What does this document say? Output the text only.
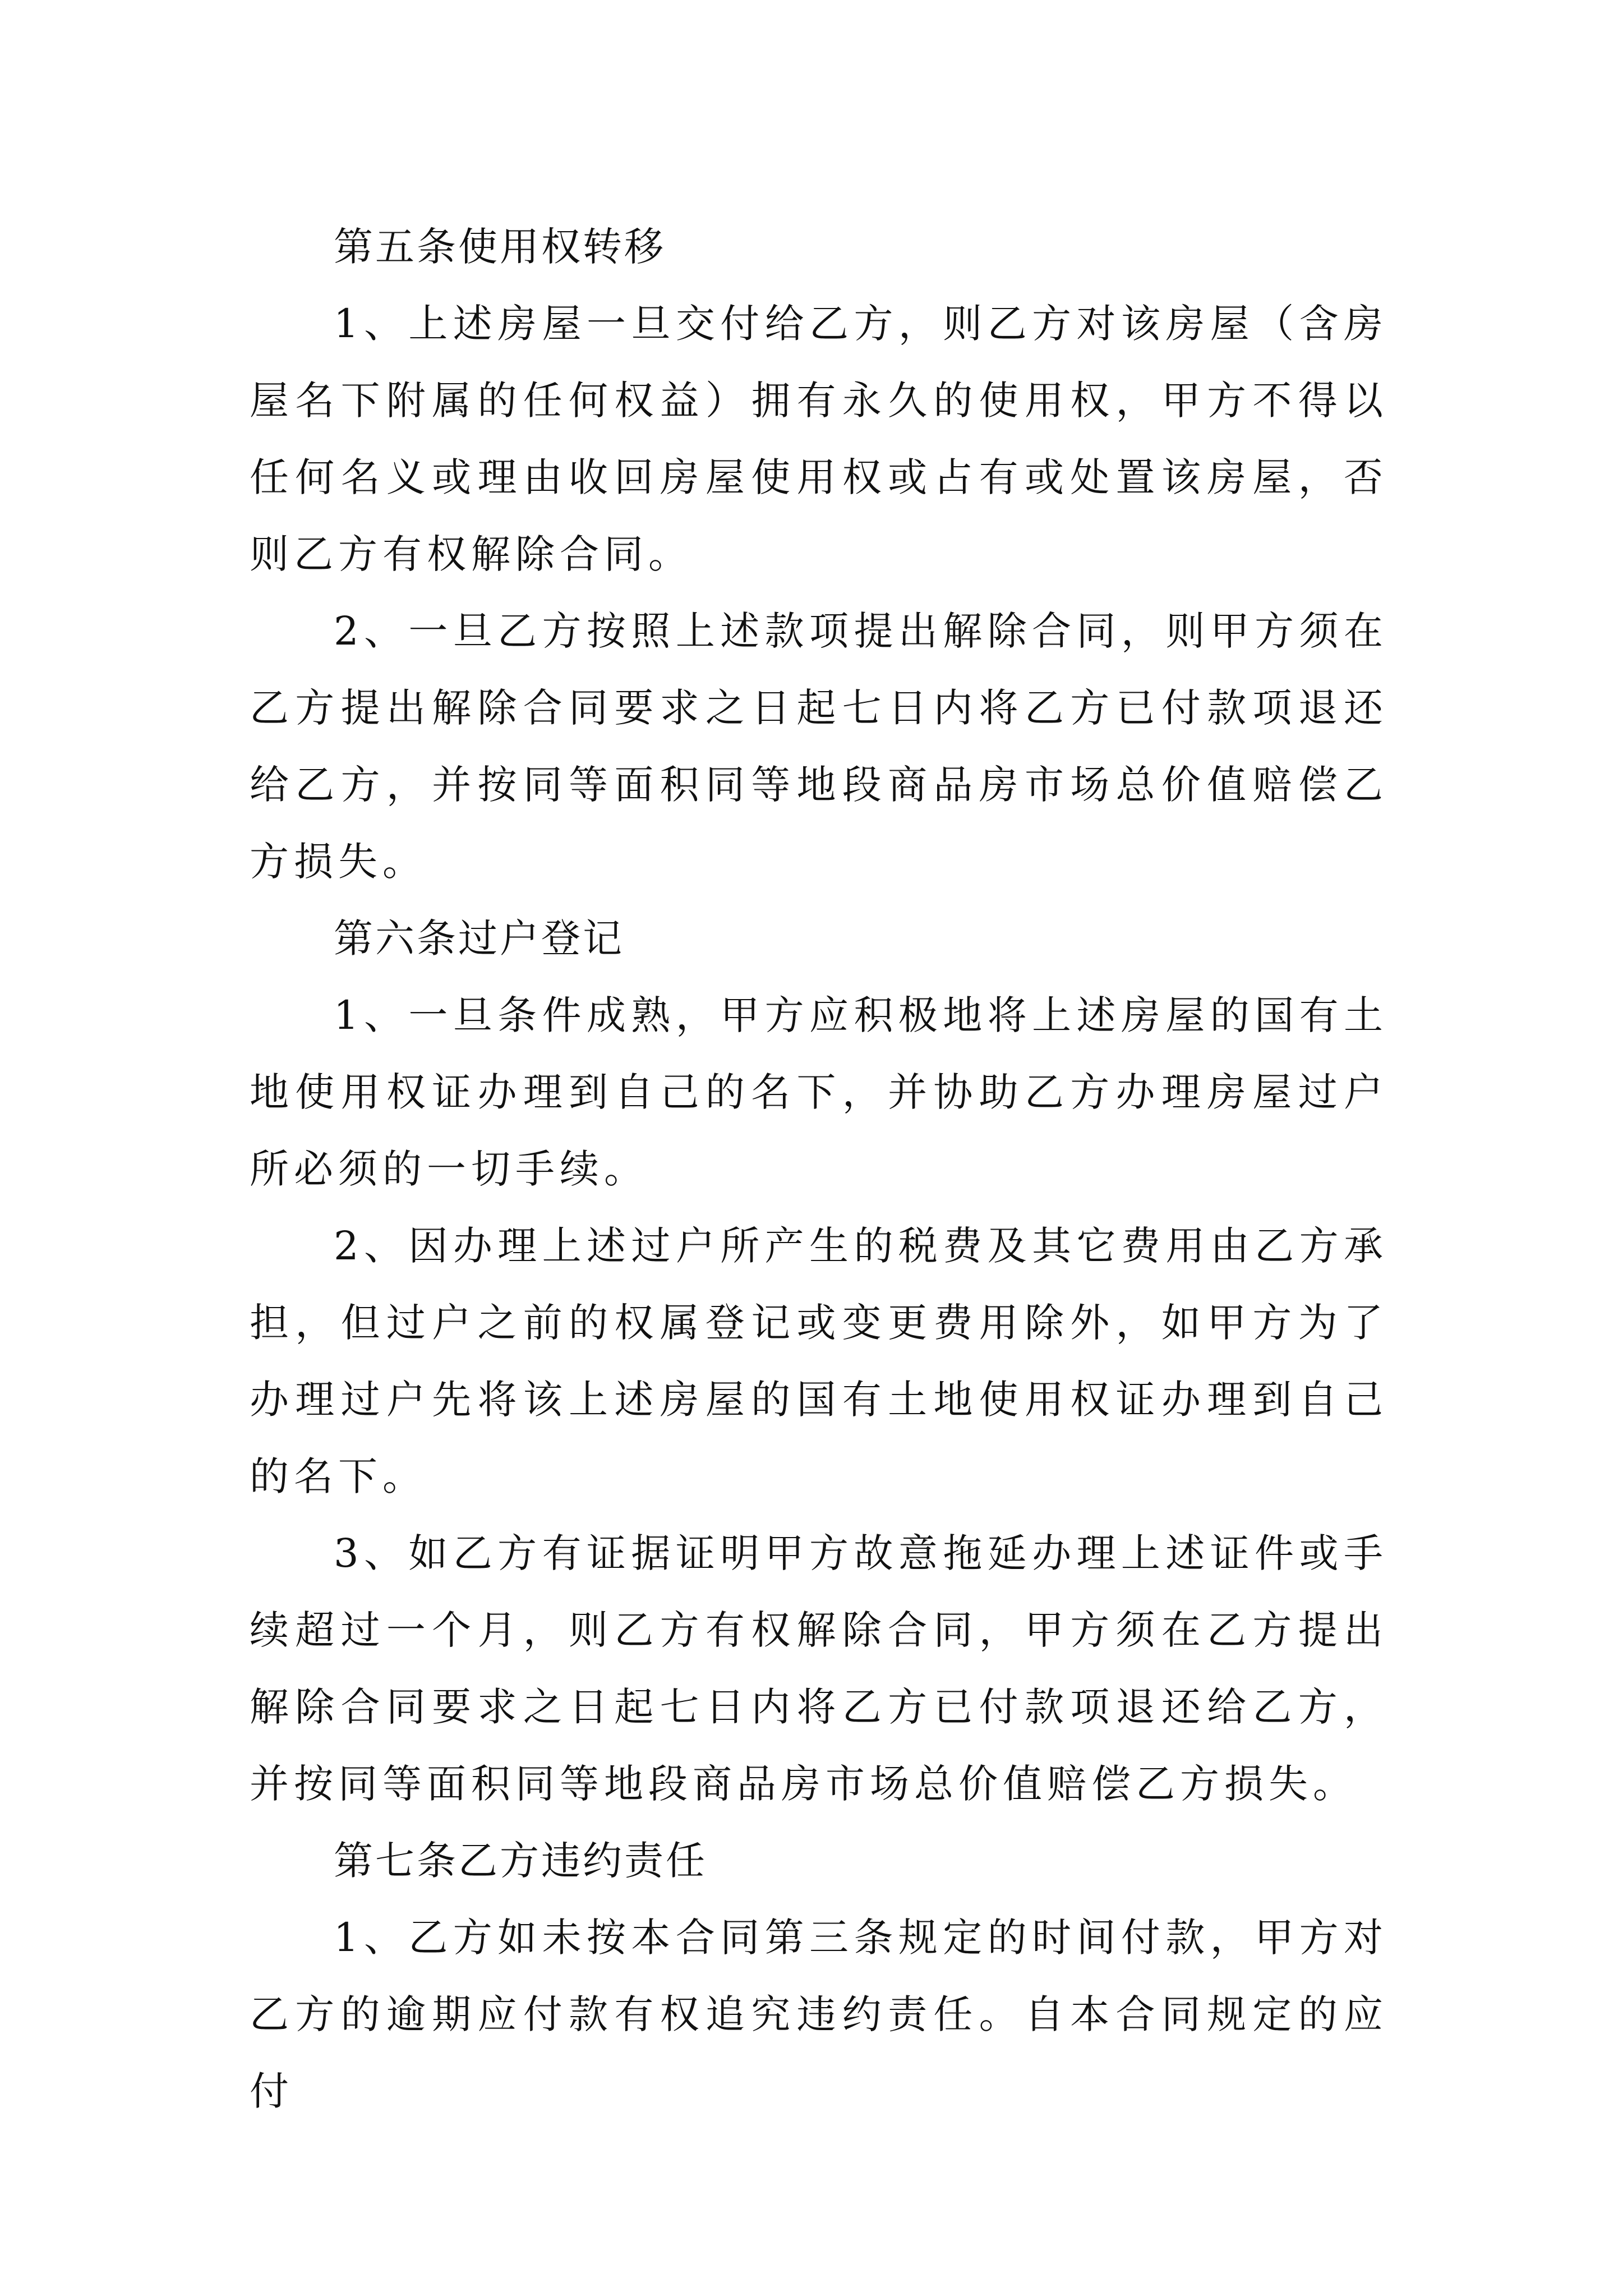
第五条使用权转移

1、上述房屋一旦交付给乙方，则乙方对该房屋（含房屋名下附属的任何权益）拥有永久的使用权，甲方不得以任何名义或理由收回房屋使用权或占有或处置该房屋，否则乙方有权解除合同。

2、一旦乙方按照上述款项提出解除合同，则甲方须在乙方提出解除合同要求之日起七日内将乙方已付款项退还给乙方，并按同等面积同等地段商品房市场总价值赔偿乙方损失。

第六条过户登记

1、一旦条件成熟，甲方应积极地将上述房屋的国有土地使用权证办理到自己的名下，并协助乙方办理房屋过户所必须的一切手续。

2、因办理上述过户所产生的税费及其它费用由乙方承担，但过户之前的权属登记或变更费用除外，如甲方为了办理过户先将该上述房屋的国有土地使用权证办理到自己的名下。

3、如乙方有证据证明甲方故意拖延办理上述证件或手续超过一个月，则乙方有权解除合同，甲方须在乙方提出解除合同要求之日起七日内将乙方已付款项退还给乙方，并按同等面积同等地段商品房市场总价值赔偿乙方损失。

第七条乙方违约责任

1、乙方如未按本合同第三条规定的时间付款，甲方对乙方的逾期应付款有权追究违约责任。自本合同规定的应付
